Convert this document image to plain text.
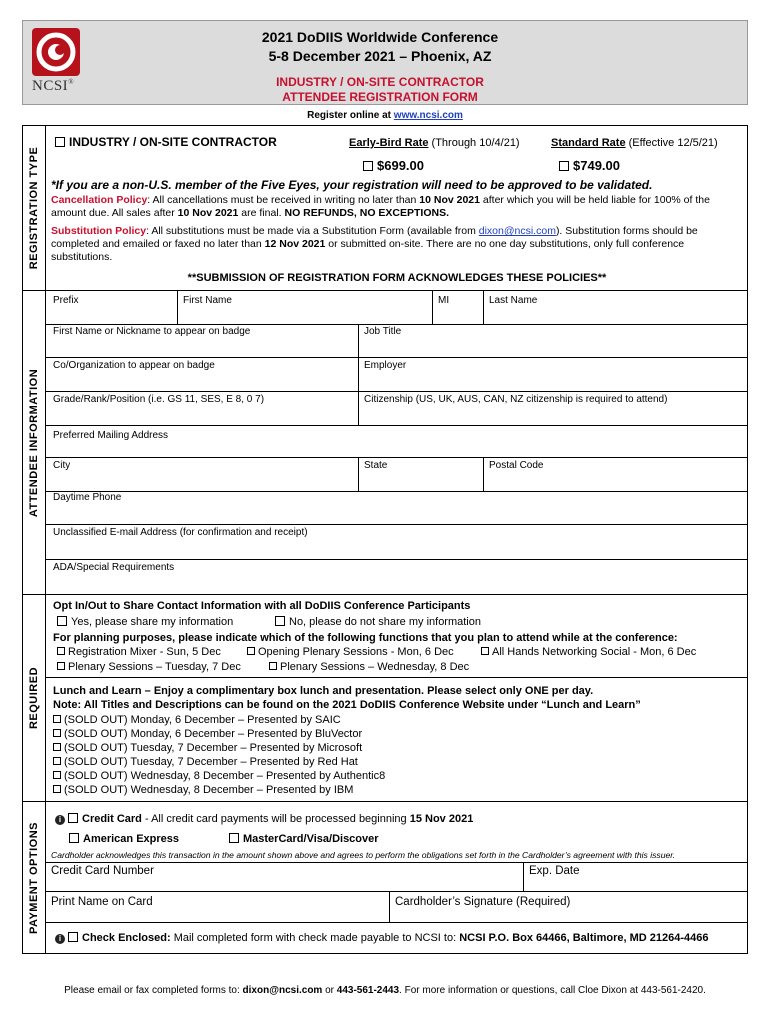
NCSI®
2021 DoDIIS Worldwide Conference
5-8 December 2021 – Phoenix, AZ
INDUSTRY / ON-SITE CONTRACTOR
ATTENDEE REGISTRATION FORM
Register online at www.ncsi.com
REGISTRATION TYPE
INDUSTRY / ON-SITE CONTRACTOR	Early-Bird Rate (Through 10/4/21)	Standard Rate (Effective 12/5/21)
$699.00	$749.00
*If you are a non-U.S. member of the Five Eyes, your registration will need to be approved to be validated.
Cancellation Policy: All cancellations must be received in writing no later than 10 Nov 2021 after which you will be held liable for 100% of the amount due. All sales after 10 Nov 2021 are final. NO REFUNDS, NO EXCEPTIONS.
Substitution Policy: All substitutions must be made via a Substitution Form (available from dixon@ncsi.com). Substitution forms should be completed and emailed or faxed no later than 12 Nov 2021 or submitted on-site. There are no one day substitutions, only full conference substitutions.
**SUBMISSION OF REGISTRATION FORM ACKNOWLEDGES THESE POLICIES**
ATTENDEE INFORMATION
Prefix	First Name	MI	Last Name
First Name or Nickname to appear on badge	Job Title
Co/Organization to appear on badge	Employer
Grade/Rank/Position (i.e. GS 11, SES, E 8, 0 7)	Citizenship (US, UK, AUS, CAN, NZ citizenship is required to attend)
Preferred Mailing Address
City	State	Postal Code
Daytime Phone
Unclassified E-mail Address (for confirmation and receipt)
ADA/Special Requirements
REQUIRED
Opt In/Out to Share Contact Information with all DoDIIS Conference Participants
Yes, please share my information	No, please do not share my information
For planning purposes, please indicate which of the following functions that you plan to attend while at the conference:
Registration Mixer - Sun, 5 Dec	Opening Plenary Sessions - Mon, 6 Dec	All Hands Networking Social - Mon, 6 Dec
Plenary Sessions – Tuesday, 7 Dec	Plenary Sessions – Wednesday, 8 Dec
Lunch and Learn – Enjoy a complimentary box lunch and presentation. Please select only ONE per day.
Note: All Titles and Descriptions can be found on the 2021 DoDIIS Conference Website under “Lunch and Learn”
(SOLD OUT) Monday, 6 December – Presented by SAIC
(SOLD OUT) Monday, 6 December – Presented by BluVector
(SOLD OUT) Tuesday, 7 December – Presented by Microsoft
(SOLD OUT) Tuesday, 7 December – Presented by Red Hat
(SOLD OUT) Wednesday, 8 December – Presented by Authentic8
(SOLD OUT) Wednesday, 8 December – Presented by IBM
PAYMENT OPTIONS
i Credit Card - All credit card payments will be processed beginning 15 Nov 2021
American Express	MasterCard/Visa/Discover
Cardholder acknowledges this transaction in the amount shown above and agrees to perform the obligations set forth in the Cardholder’s agreement with this issuer.
Credit Card Number	Exp. Date
Print Name on Card	Cardholder’s Signature (Required)
i Check Enclosed: Mail completed form with check made payable to NCSI to: NCSI P.O. Box 64466, Baltimore, MD 21264-4466
Please email or fax completed forms to: dixon@ncsi.com or 443-561-2443. For more information or questions, call Cloe Dixon at 443-561-2420.
